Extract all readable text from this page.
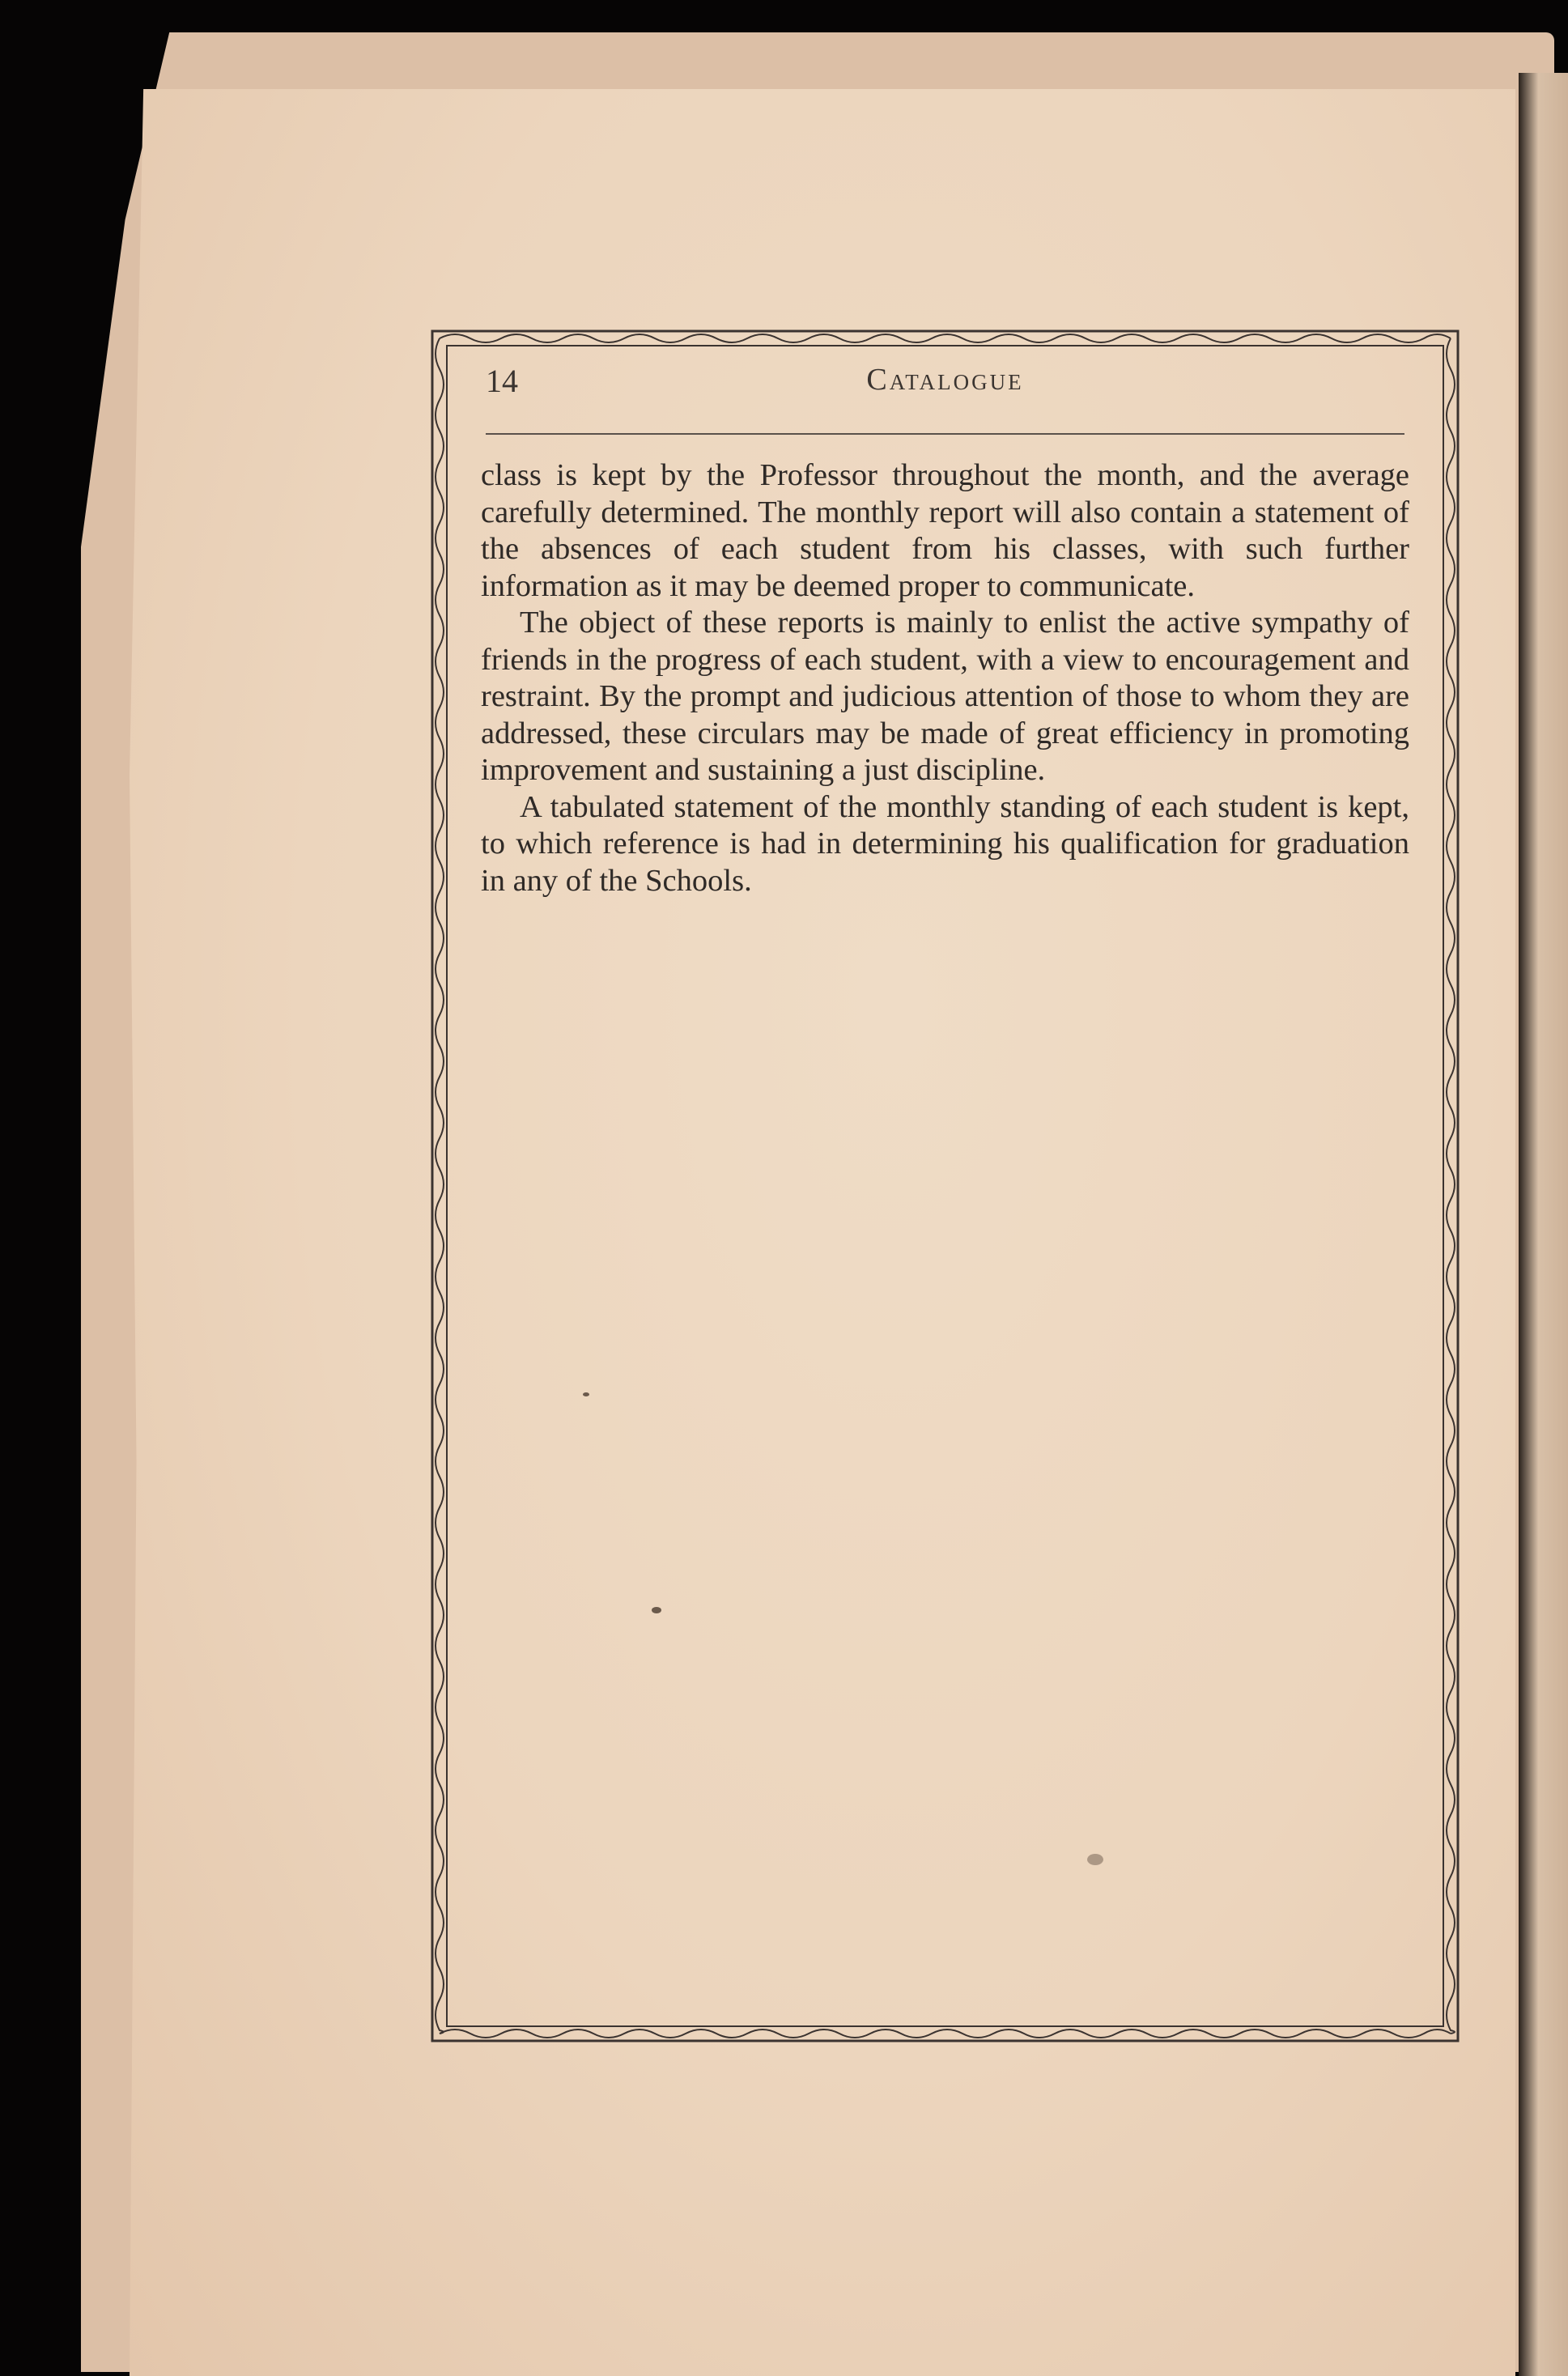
14	Catalogue

class is kept by the Professor throughout the month, and the average carefully determined. The monthly report will also contain a statement of the absences of each student from his classes, with such further information as it may be deemed proper to communicate.

The object of these reports is mainly to enlist the active sympathy of friends in the progress of each student, with a view to encouragement and restraint. By the prompt and judicious attention of those to whom they are addressed, these circulars may be made of great efficiency in promoting improvement and sustaining a just discipline.

A tabulated statement of the monthly standing of each student is kept, to which reference is had in determining his qualification for graduation in any of the Schools.
